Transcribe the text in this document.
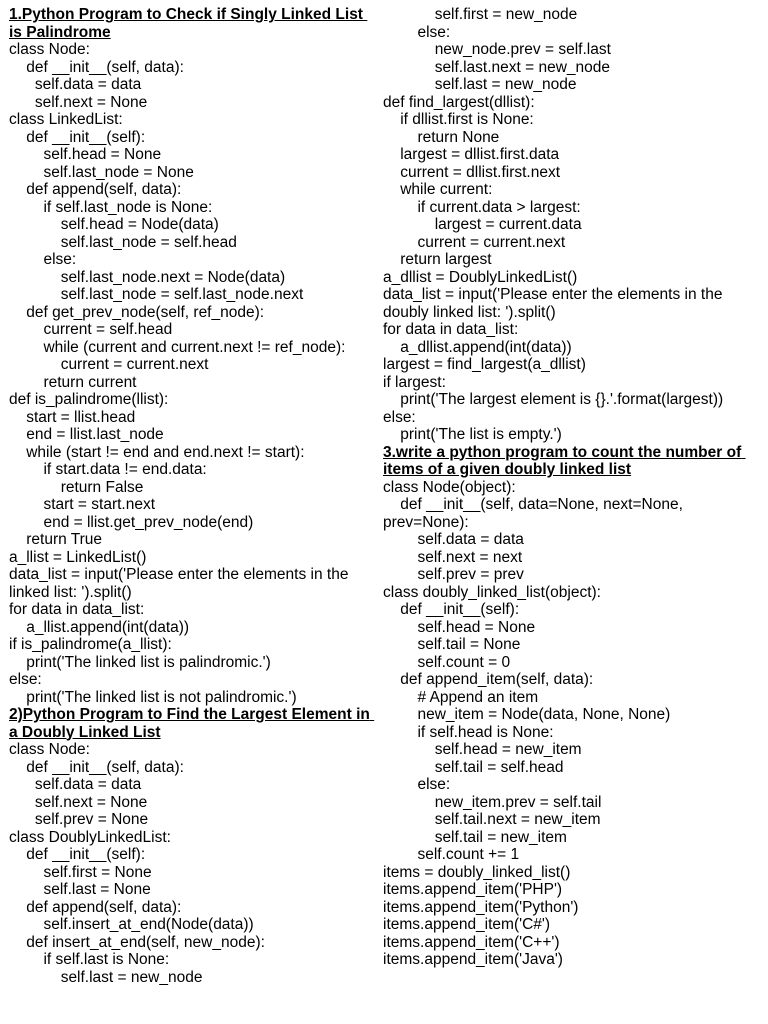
1.Python Program to Check if Singly Linked List is Palindrome
class Node:
def __init__(self, data):
self.data = data
self.next = None
class LinkedList:
def __init__(self):
self.head = None
self.last_node = None
def append(self, data):
if self.last_node is None:
self.head = Node(data)
self.last_node = self.head
else:
self.last_node.next = Node(data)
self.last_node = self.last_node.next
def get_prev_node(self, ref_node):
current = self.head
while (current and current.next != ref_node):
current = current.next
return current
def is_palindrome(llist):
start = llist.head
end = llist.last_node
while (start != end and end.next != start):
if start.data != end.data:
return False
start = start.next
end = llist.get_prev_node(end)
return True
a_llist = LinkedList()
data_list = input('Please enter the elements in the linked list: ').split()
for data in data_list:
a_llist.append(int(data))
if is_palindrome(a_llist):
print('The linked list is palindromic.')
else:
print('The linked list is not palindromic.')
2)Python Program to Find the Largest Element in a Doubly Linked List
class Node:
def __init__(self, data):
self.data = data
self.next = None
self.prev = None
class DoublyLinkedList:
def __init__(self):
self.first = None
self.last = None
def append(self, data):
self.insert_at_end(Node(data))
def insert_at_end(self, new_node):
if self.last is None:
self.last = new_node
self.first = new_node
else:
new_node.prev = self.last
self.last.next = new_node
self.last = new_node
def find_largest(dllist):
if dllist.first is None:
return None
largest = dllist.first.data
current = dllist.first.next
while current:
if current.data > largest:
largest = current.data
current = current.next
return largest
a_dllist = DoublyLinkedList()
data_list = input('Please enter the elements in the doubly linked list: ').split()
for data in data_list:
a_dllist.append(int(data))
largest = find_largest(a_dllist)
if largest:
print('The largest element is {}.'.format(largest))
else:
print('The list is empty.')
3.write a python program to count the number of items of a given doubly linked list
class Node(object):
def __init__(self, data=None, next=None, prev=None):
self.data = data
self.next = next
self.prev = prev
class doubly_linked_list(object):
def __init__(self):
self.head = None
self.tail = None
self.count = 0
def append_item(self, data):
# Append an item
new_item = Node(data, None, None)
if self.head is None:
self.head = new_item
self.tail = self.head
else:
new_item.prev = self.tail
self.tail.next = new_item
self.tail = new_item
self.count += 1
items = doubly_linked_list()
items.append_item('PHP')
items.append_item('Python')
items.append_item('C#')
items.append_item('C++')
items.append_item('Java')
